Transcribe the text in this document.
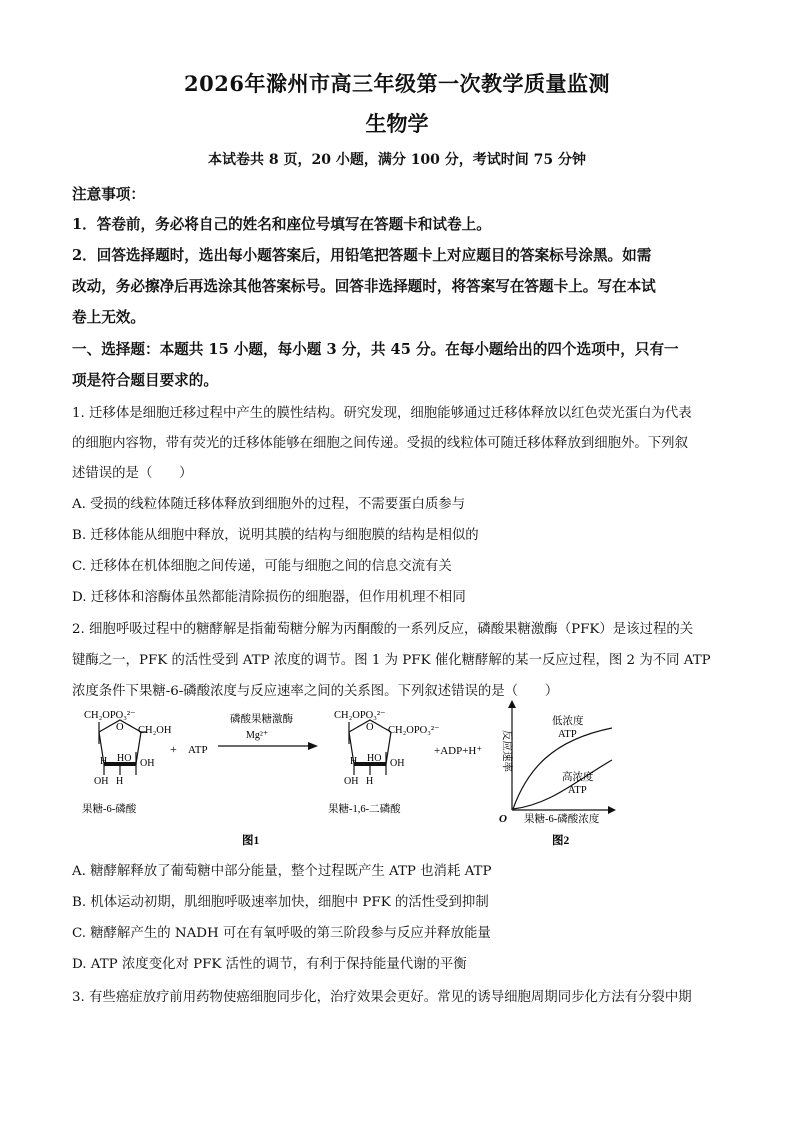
2026年滁州市高三年级第一次教学质量监测
生物学
本试卷共 8 页，20 小题，满分 100 分，考试时间 75 分钟
注意事项：
1．答卷前，务必将自己的姓名和座位号填写在答题卡和试卷上。
2．回答选择题时，选出每小题答案后，用铅笔把答题卡上对应题目的答案标号涂黑。如需
改动，务必擦净后再选涂其他答案标号。回答非选择题时，将答案写在答题卡上。写在本试
卷上无效。
一、选择题：本题共 15 小题，每小题 3 分，共 45 分。在每小题给出的四个选项中，只有一
项是符合题目要求的。
1. 迁移体是细胞迁移过程中产生的膜性结构。研究发现，细胞能够通过迁移体释放以红色荧光蛋白为代表
的细胞内容物，带有荧光的迁移体能够在细胞之间传递。受损的线粒体可随迁移体释放到细胞外。下列叙
述错误的是（　　）
A. 受损的线粒体随迁移体释放到细胞外的过程，不需要蛋白质参与
B. 迁移体能从细胞中释放，说明其膜的结构与细胞膜的结构是相似的
C. 迁移体在机体细胞之间传递，可能与细胞之间的信息交流有关
D. 迁移体和溶酶体虽然都能清除损伤的细胞器，但作用机理不相同
2. 细胞呼吸过程中的糖酵解是指葡萄糖分解为丙酮酸的一系列反应，磷酸果糖激酶（PFK）是该过程的关
键酶之一，PFK 的活性受到 ATP 浓度的调节。图 1 为 PFK 催化糖酵解的某一反应过程，图 2 为不同 ATP
浓度条件下果糖-6-磷酸浓度与反应速率之间的关系图。下列叙述错误的是（　　）
CH₂OPO₃²⁻
O CH₂OH
H HO OH
OH H
果糖-6-磷酸
+ ATP
磷酸果糖激酶
Mg²⁺
CH₂OPO₃²⁻
O CH₂OPO₃²⁻
H HO OH
OH H
果糖-1,6-二磷酸
+ADP+H⁺
图1
O 果糖-6-磷酸浓度
反应速率
低浓度
ATP
高浓度
ATP
图2
A. 糖酵解释放了葡萄糖中部分能量，整个过程既产生 ATP 也消耗 ATP
B. 机体运动初期，肌细胞呼吸速率加快，细胞中 PFK 的活性受到抑制
C. 糖酵解产生的 NADH 可在有氧呼吸的第三阶段参与反应并释放能量
D. ATP 浓度变化对 PFK 活性的调节，有利于保持能量代谢的平衡
3. 有些癌症放疗前用药物使癌细胞同步化，治疗效果会更好。常见的诱导细胞周期同步化方法有分裂中期
